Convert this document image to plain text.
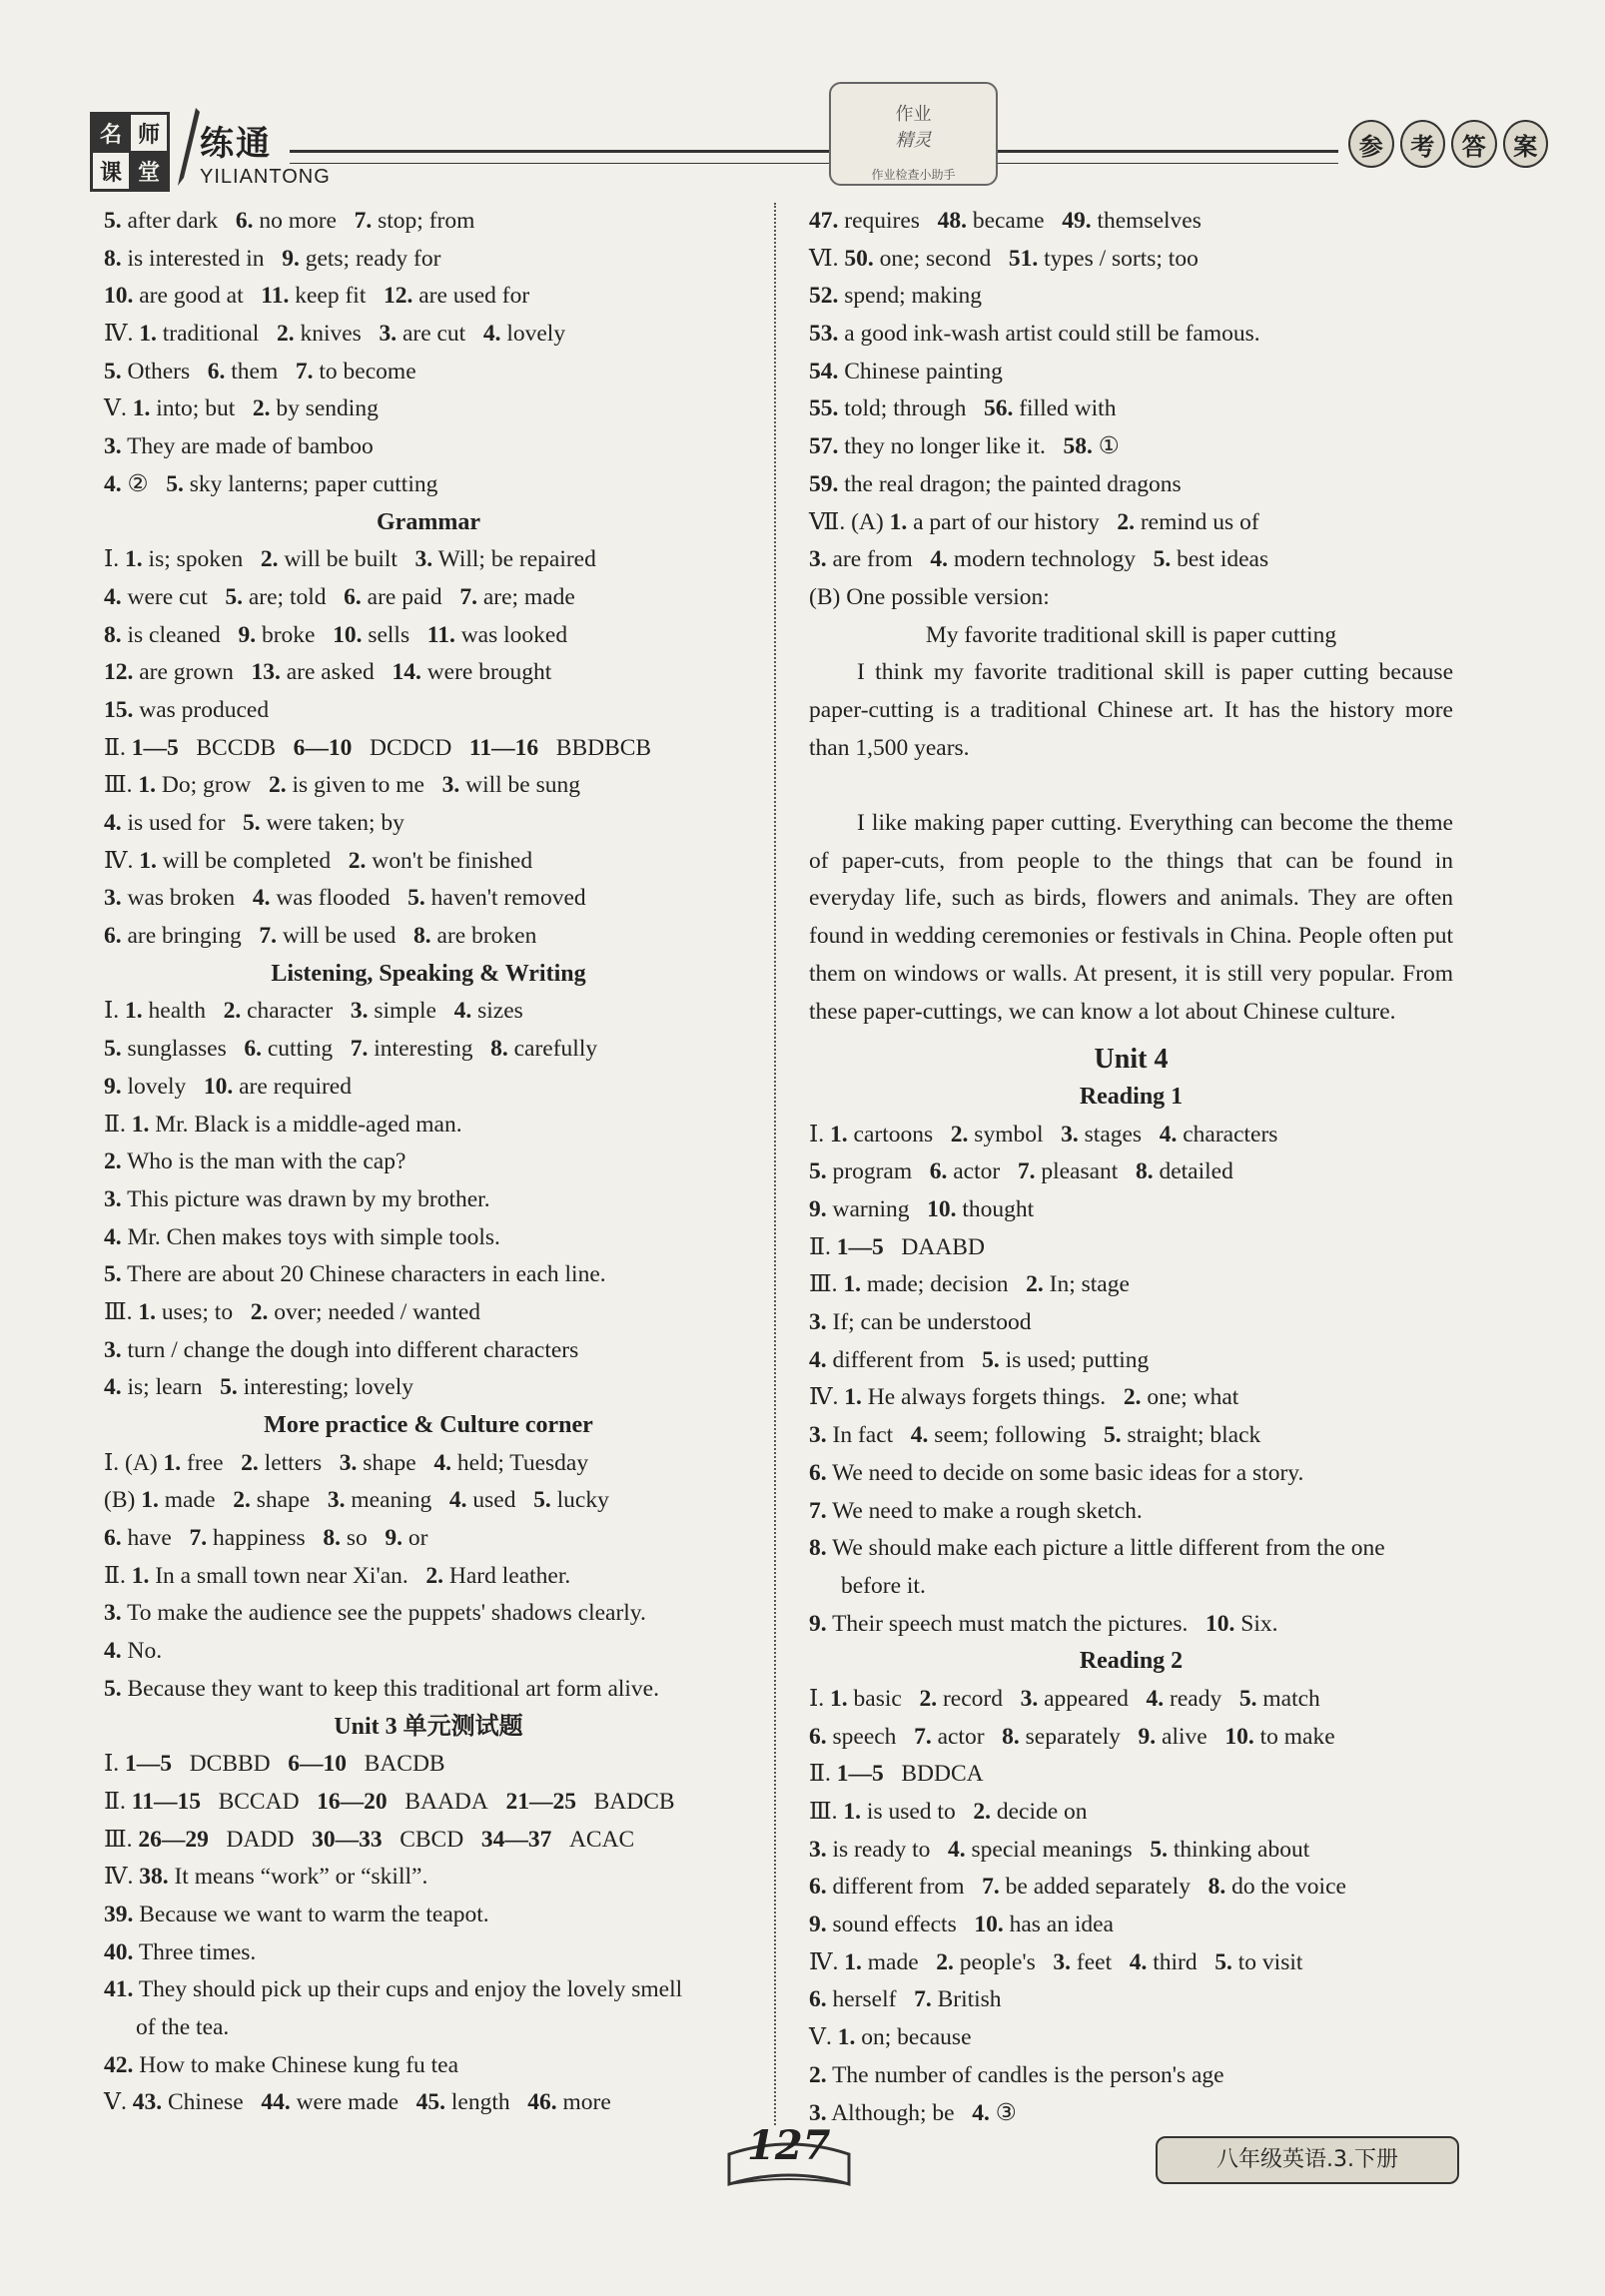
名 师
课 堂
练通
YILIANTONG
作业
精灵
作业检查小助手
参	考	答	案
5. after dark   6. no more   7. stop; from
8. is interested in   9. gets; ready for
10. are good at   11. keep fit   12. are used for
Ⅳ. 1. traditional   2. knives   3. are cut   4. lovely
5. Others   6. them   7. to become
Ⅴ. 1. into; but   2. by sending
3. They are made of bamboo
4. ②   5. sky lanterns; paper cutting
Grammar
Ⅰ. 1. is; spoken   2. will be built   3. Will; be repaired
4. were cut   5. are; told   6. are paid   7. are; made
8. is cleaned   9. broke   10. sells   11. was looked
12. are grown   13. are asked   14. were brought
15. was produced
Ⅱ. 1—5   BCCDB   6—10   DCDCD   11—16   BBDBCB
Ⅲ. 1. Do; grow   2. is given to me   3. will be sung
4. is used for   5. were taken; by
Ⅳ. 1. will be completed   2. won't be finished
3. was broken   4. was flooded   5. haven't removed
6. are bringing   7. will be used   8. are broken
Listening, Speaking & Writing
Ⅰ. 1. health   2. character   3. simple   4. sizes
5. sunglasses   6. cutting   7. interesting   8. carefully
9. lovely   10. are required
Ⅱ. 1. Mr. Black is a middle-aged man.
2. Who is the man with the cap?
3. This picture was drawn by my brother.
4. Mr. Chen makes toys with simple tools.
5. There are about 20 Chinese characters in each line.
Ⅲ. 1. uses; to   2. over; needed / wanted
3. turn / change the dough into different characters
4. is; learn   5. interesting; lovely
More practice & Culture corner
Ⅰ. (A) 1. free   2. letters   3. shape   4. held; Tuesday
(B) 1. made   2. shape   3. meaning   4. used   5. lucky
6. have   7. happiness   8. so   9. or
Ⅱ. 1. In a small town near Xi'an.   2. Hard leather.
3. To make the audience see the puppets' shadows clearly.
4. No.
5. Because they want to keep this traditional art form alive.
Unit 3 单元测试题
Ⅰ. 1—5   DCBBD   6—10   BACDB
Ⅱ. 11—15   BCCAD   16—20   BAADA   21—25   BADCB
Ⅲ. 26—29   DADD   30—33   CBCD   34—37   ACAC
Ⅳ. 38. It means “work” or “skill”.
39. Because we want to warm the teapot.
40. Three times.
41. They should pick up their cups and enjoy the lovely smell
of the tea.
42. How to make Chinese kung fu tea
Ⅴ. 43. Chinese   44. were made   45. length   46. more
47. requires   48. became   49. themselves
Ⅵ. 50. one; second   51. types / sorts; too
52. spend; making
53. a good ink-wash artist could still be famous.
54. Chinese painting
55. told; through   56. filled with
57. they no longer like it.   58. ①
59. the real dragon; the painted dragons
Ⅶ. (A) 1. a part of our history   2. remind us of
3. are from   4. modern technology   5. best ideas
(B) One possible version:
My favorite traditional skill is paper cutting
I think my favorite traditional skill is paper cutting because paper-cutting is a traditional Chinese art. It has the history more than 1,500 years.
I like making paper cutting. Everything can become the theme of paper-cuts, from people to the things that can be found in everyday life, such as birds, flowers and animals. They are often found in wedding ceremonies or festivals in China. People often put them on windows or walls. At present, it is still very popular. From these paper-cuttings, we can know a lot about Chinese culture.
Unit 4
Reading 1
Ⅰ. 1. cartoons   2. symbol   3. stages   4. characters
5. program   6. actor   7. pleasant   8. detailed
9. warning   10. thought
Ⅱ. 1—5   DAABD
Ⅲ. 1. made; decision   2. In; stage
3. If; can be understood
4. different from   5. is used; putting
Ⅳ. 1. He always forgets things.   2. one; what
3. In fact   4. seem; following   5. straight; black
6. We need to decide on some basic ideas for a story.
7. We need to make a rough sketch.
8. We should make each picture a little different from the one
before it.
9. Their speech must match the pictures.   10. Six.
Reading 2
Ⅰ. 1. basic   2. record   3. appeared   4. ready   5. match
6. speech   7. actor   8. separately   9. alive   10. to make
Ⅱ. 1—5   BDDCA
Ⅲ. 1. is used to   2. decide on
3. is ready to   4. special meanings   5. thinking about
6. different from   7. be added separately   8. do the voice
9. sound effects   10. has an idea
Ⅳ. 1. made   2. people's   3. feet   4. third   5. to visit
6. herself   7. British
Ⅴ. 1. on; because
2. The number of candles is the person's age
3. Although; be   4. ③
127	八年级英语.3.下册
